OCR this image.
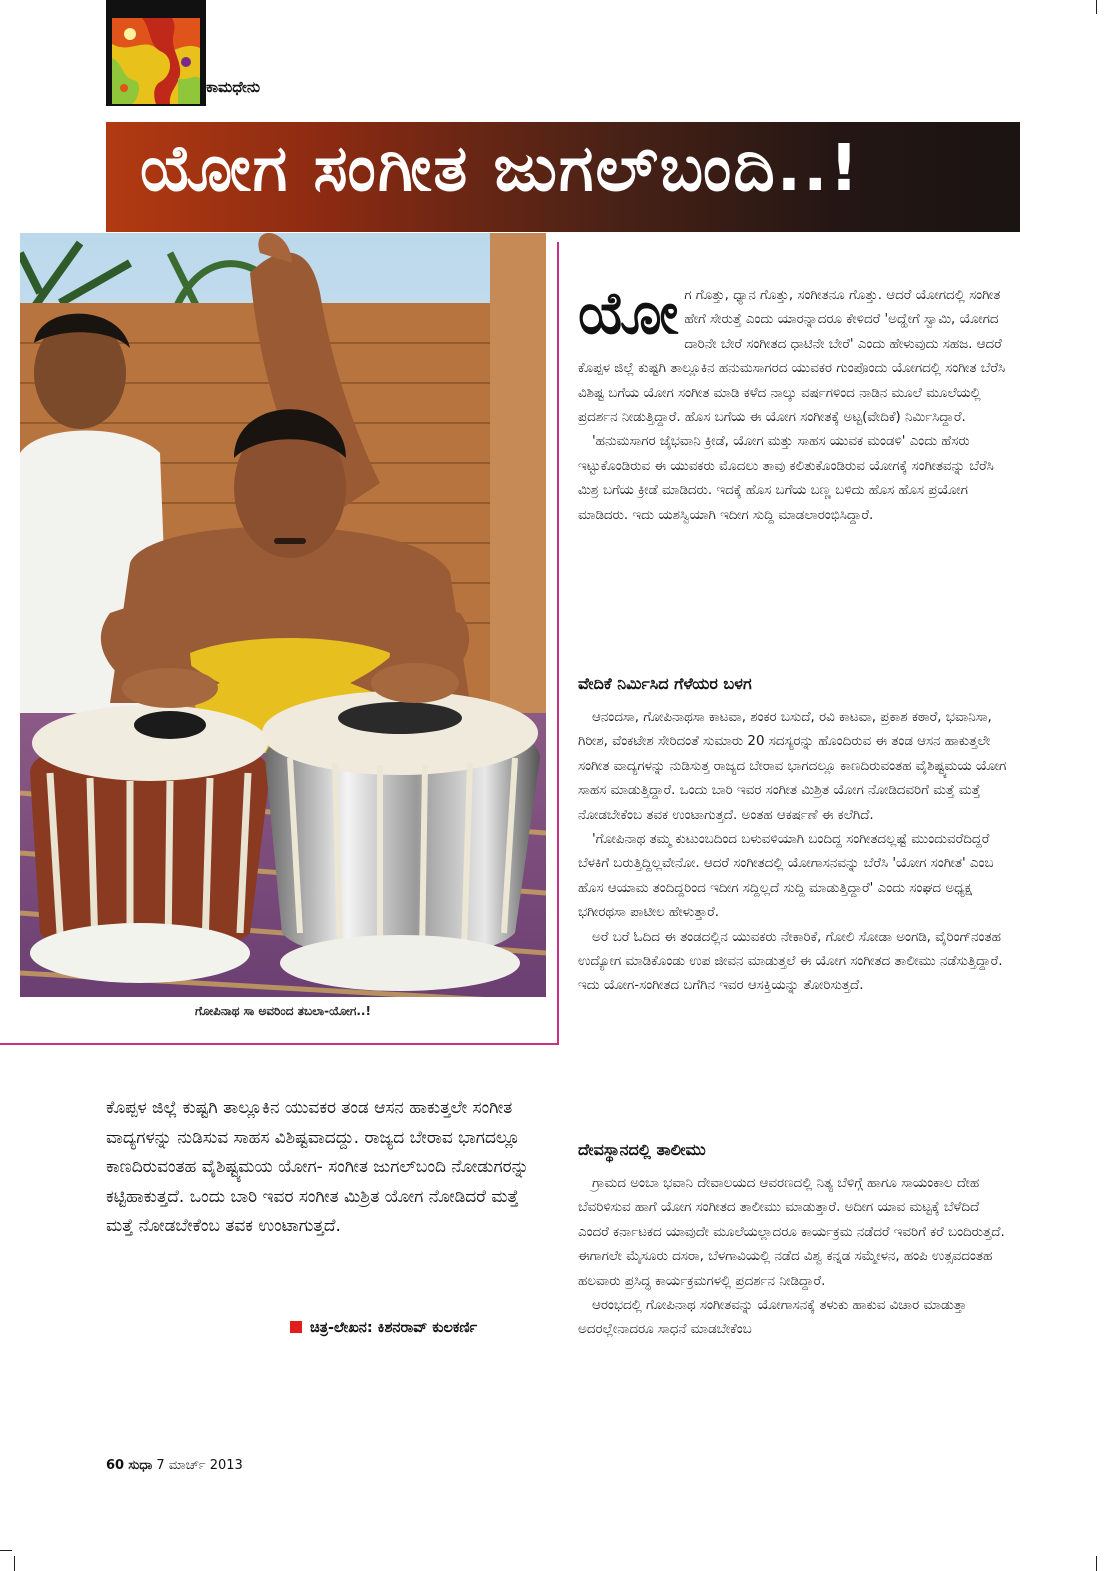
ಕಾಮಧೇನು
ಯೋಗ ಸಂಗೀತ ಜುಗಲ್‌ಬಂದಿ..!
ಗೋಪಿನಾಥ ಸಾ ಅವರಿಂದ ತಬಲಾ-ಯೋಗ..!
ಯೋ ಗ ಗೊತ್ತು, ಧ್ಯಾನ ಗೊತ್ತು, ಸಂಗೀತನೂ ಗೊತ್ತು. ಆದರೆ ಯೋಗದಲ್ಲಿ ಸಂಗೀತ ಹೇಗೆ ಸೇರುತ್ತೆ ಎಂದು ಯಾರನ್ನಾದರೂ ಕೇಳಿದರೆ 'ಅದ್ಹೇಗೆ ಸ್ವಾಮಿ, ಯೋಗದ ದಾರಿನೇ ಬೇರೆ ಸಂಗೀತದ ಧಾಟಿನೇ ಬೇರೆ' ಎಂದು ಹೇಳುವುದು ಸಹಜ. ಆದರೆ ಕೊಪ್ಪಳ ಜಿಲ್ಲೆ ಕುಷ್ಟಗಿ ತಾಲ್ಲೂಕಿನ ಹನುಮಸಾಗರದ ಯುವಕರ ಗುಂಪೊಂದು ಯೋಗದಲ್ಲಿ ಸಂಗೀತ ಬೆರೆಸಿ ವಿಶಿಷ್ಟ ಬಗೆಯ ಯೋಗ ಸಂಗೀತ ಮಾಡಿ ಕಳೆದ ನಾಲ್ಕು ವರ್ಷಗಳಿಂದ ನಾಡಿನ ಮೂಲೆ ಮೂಲೆಯಲ್ಲಿ ಪ್ರದರ್ಶನ ನೀಡುತ್ತಿದ್ದಾರೆ. ಹೊಸ ಬಗೆಯ ಈ ಯೋಗ ಸಂಗೀತಕ್ಕೆ ಅಟ್ಟ(ವೇದಿಕೆ) ನಿರ್ಮಿಸಿದ್ದಾರೆ.

'ಹನುಮಸಾಗರ ಜೈಭವಾನಿ ಕ್ರೀಡೆ, ಯೋಗ ಮತ್ತು ಸಾಹಸ ಯುವಕ ಮಂಡಳಿ' ಎಂದು ಹೆಸರು ಇಟ್ಟುಕೊಂಡಿರುವ ಈ ಯುವಕರು ಮೊದಲು ತಾವು ಕಲಿತುಕೊಂಡಿರುವ ಯೋಗಕ್ಕೆ ಸಂಗೀತವನ್ನು ಬೆರೆಸಿ ಮಿಶ್ರ ಬಗೆಯ ಕ್ರೀಡೆ ಮಾಡಿದರು. ಇದಕ್ಕೆ ಹೊಸ ಬಗೆಯ ಬಣ್ಣ ಬಳಿದು ಹೊಸ ಹೊಸ ಪ್ರಯೋಗ ಮಾಡಿದರು. ಇದು ಯಶಸ್ವಿಯಾಗಿ ಇದೀಗ ಸುದ್ದಿ ಮಾಡಲಾರಂಭಿಸಿದ್ದಾರೆ.

ವೇದಿಕೆ ನಿರ್ಮಿಸಿದ ಗೆಳೆಯರ ಬಳಗ

ಆನಂದಸಾ, ಗೋಪಿನಾಥಸಾ ಕಾಟವಾ, ಶಂಕರ ಬಸುದೆ, ರವಿ ಕಾಟವಾ, ಪ್ರಕಾಶ ಕಠಾರೆ, ಭವಾನಿಸಾ, ಗಿರೀಶ, ವೆಂಕಟೇಶ ಸೇರಿದಂತೆ ಸುಮಾರು 20 ಸದಸ್ಯರನ್ನು ಹೊಂದಿರುವ ಈ ತಂಡ ಆಸನ ಹಾಕುತ್ತಲೇ ಸಂಗೀತ ವಾದ್ಯಗಳನ್ನು ನುಡಿಸುತ್ತ ರಾಜ್ಯದ ಬೇರಾವ ಭಾಗದಲ್ಲೂ ಕಾಣದಿರುವಂತಹ ವೈಶಿಷ್ಟ್ಯಮಯ ಯೋಗ ಸಾಹಸ ಮಾಡುತ್ತಿದ್ದಾರೆ. ಒಂದು ಬಾರಿ ಇವರ ಸಂಗೀತ ಮಿಶ್ರಿತ ಯೋಗ ನೋಡಿದವರಿಗೆ ಮತ್ತೆ ಮತ್ತೆ ನೋಡಬೇಕೆಂಬ ತವಕ ಉಂಟಾಗುತ್ತದೆ. ಅಂತಹ ಆಕರ್ಷಣೆ ಈ ಕಲೆಗಿದೆ.

'ಗೋಪಿನಾಥ ತಮ್ಮ ಕುಟುಂಬದಿಂದ ಬಳುವಳಿಯಾಗಿ ಬಂದಿದ್ದ ಸಂಗೀತದಲ್ಲಷ್ಟೆ ಮುಂದುವರೆದಿದ್ದರೆ ಬೆಳಕಿಗೆ ಬರುತ್ತಿದ್ದಿಲ್ಲವೇನೋ. ಆದರೆ ಸಂಗೀತದಲ್ಲಿ ಯೋಗಾಸನವನ್ನು ಬೆರೆಸಿ 'ಯೋಗ ಸಂಗೀತ' ಎಂಬ ಹೊಸ ಆಯಾಮ ತಂದಿದ್ದರಿಂದ ಇದೀಗ ಸದ್ದಿಲ್ಲದೆ ಸುದ್ದಿ ಮಾಡುತ್ತಿದ್ದಾರೆ' ಎಂದು ಸಂಘದ ಅಧ್ಯಕ್ಷ ಭಗೀರಥಸಾ ಪಾಟೀಲ ಹೇಳುತ್ತಾರೆ.

ಅರೆ ಬರೆ ಓದಿದ ಈ ತಂಡದಲ್ಲಿನ ಯುವಕರು ನೇಕಾರಿಕೆ, ಗೋಲಿ ಸೋಡಾ ಅಂಗಡಿ, ವೈರಿಂಗ್‌ನಂತಹ ಉದ್ಯೋಗ ಮಾಡಿಕೊಂಡು ಉಪ ಜೀವನ ಮಾಡುತ್ತಲೆ ಈ ಯೋಗ ಸಂಗೀತದ ತಾಲೀಮು ನಡೆಸುತ್ತಿದ್ದಾರೆ. ಇದು ಯೋಗ-ಸಂಗೀತದ ಬಗೆಗಿನ ಇವರ ಆಸಕ್ತಿಯನ್ನು ತೋರಿಸುತ್ತದೆ.

ದೇವಸ್ಥಾನದಲ್ಲಿ ತಾಲೀಮು

ಗ್ರಾಮದ ಅಂಬಾ ಭವಾನಿ ದೇವಾಲಯದ ಆವರಣದಲ್ಲಿ ನಿತ್ಯ ಬೆಳಿಗ್ಗೆ ಹಾಗೂ ಸಾಯಂಕಾಲ ದೇಹ ಬೆವರಿಳಿಸುವ ಹಾಗೆ ಯೋಗ ಸಂಗೀತದ ತಾಲೀಮು ಮಾಡುತ್ತಾರೆ. ಅದೀಗ ಯಾವ ಮಟ್ಟಕ್ಕೆ ಬೆಳೆದಿದೆ ಎಂದರೆ ಕರ್ನಾಟಕದ ಯಾವುದೇ ಮೂಲೆಯಲ್ಲಾದರೂ ಕಾರ್ಯಕ್ರಮ ನಡೆದರೆ ಇವರಿಗೆ ಕರೆ ಬಂದಿರುತ್ತದೆ. ಈಗಾಗಲೇ ಮೈಸೂರು ದಸರಾ, ಬೆಳಗಾವಿಯಲ್ಲಿ ನಡೆದ ವಿಶ್ವ ಕನ್ನಡ ಸಮ್ಮೇಳನ, ಹಂಪಿ ಉತ್ಸವದಂತಹ ಹಲವಾರು ಪ್ರಸಿದ್ಧ ಕಾರ್ಯಕ್ರಮಗಳಲ್ಲಿ ಪ್ರದರ್ಶನ ನೀಡಿದ್ದಾರೆ.

ಆರಂಭದಲ್ಲಿ ಗೋಪಿನಾಥ ಸಂಗೀತವನ್ನು ಯೋಗಾಸನಕ್ಕೆ ತಳುಕು ಹಾಕುವ ವಿಚಾರ ಮಾಡುತ್ತಾ ಅದರಲ್ಲೇನಾದರೂ ಸಾಧನೆ ಮಾಡಬೇಕೆಂಬ

ಕೊಪ್ಪಳ ಜಿಲ್ಲೆ ಕುಷ್ಟಗಿ ತಾಲ್ಲೂಕಿನ ಯುವಕರ ತಂಡ ಆಸನ ಹಾಕುತ್ತಲೇ ಸಂಗೀತ ವಾದ್ಯಗಳನ್ನು ನುಡಿಸುವ ಸಾಹಸ ವಿಶಿಷ್ಟವಾದದ್ದು. ರಾಜ್ಯದ ಬೇರಾವ ಭಾಗದಲ್ಲೂ ಕಾಣದಿರುವಂತಹ ವೈಶಿಷ್ಟ್ಯಮಯ ಯೋಗ- ಸಂಗೀತ ಜುಗಲ್‌ಬಂದಿ ನೋಡುಗರನ್ನು ಕಟ್ಟಿಹಾಕುತ್ತದೆ. ಒಂದು ಬಾರಿ ಇವರ ಸಂಗೀತ ಮಿಶ್ರಿತ ಯೋಗ ನೋಡಿದರೆ ಮತ್ತೆ ಮತ್ತೆ ನೋಡಬೇಕೆಂಬ ತವಕ ಉಂಟಾಗುತ್ತದೆ.
ಚಿತ್ರ-ಲೇಖನ: ಕಿಶನರಾವ್ ಕುಲಕರ್ಣಿ
60 ಸುಧಾ 7 ಮಾರ್ಚ್ 2013
